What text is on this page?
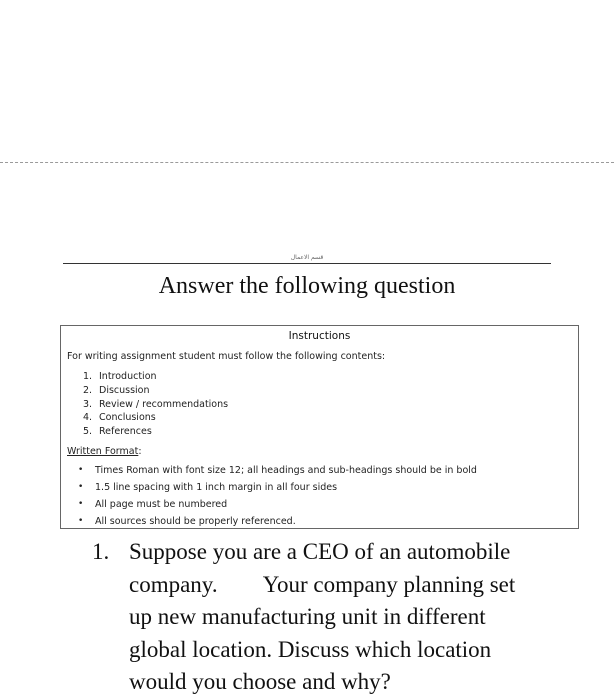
قسم الاعمال
Answer the following question
Instructions
For writing assignment student must follow the following contents:
1. Introduction
2. Discussion
3. Review / recommendations
4. Conclusions
5. References
Written Format:
• Times Roman with font size 12; all headings and sub-headings should be in bold
• 1.5 line spacing with 1 inch margin in all four sides
• All page must be numbered
• All sources should be properly referenced.
1. Suppose you are a CEO of an automobile
company.        Your company planning set
up new manufacturing unit in different
global location. Discuss which location
would you choose and why?
